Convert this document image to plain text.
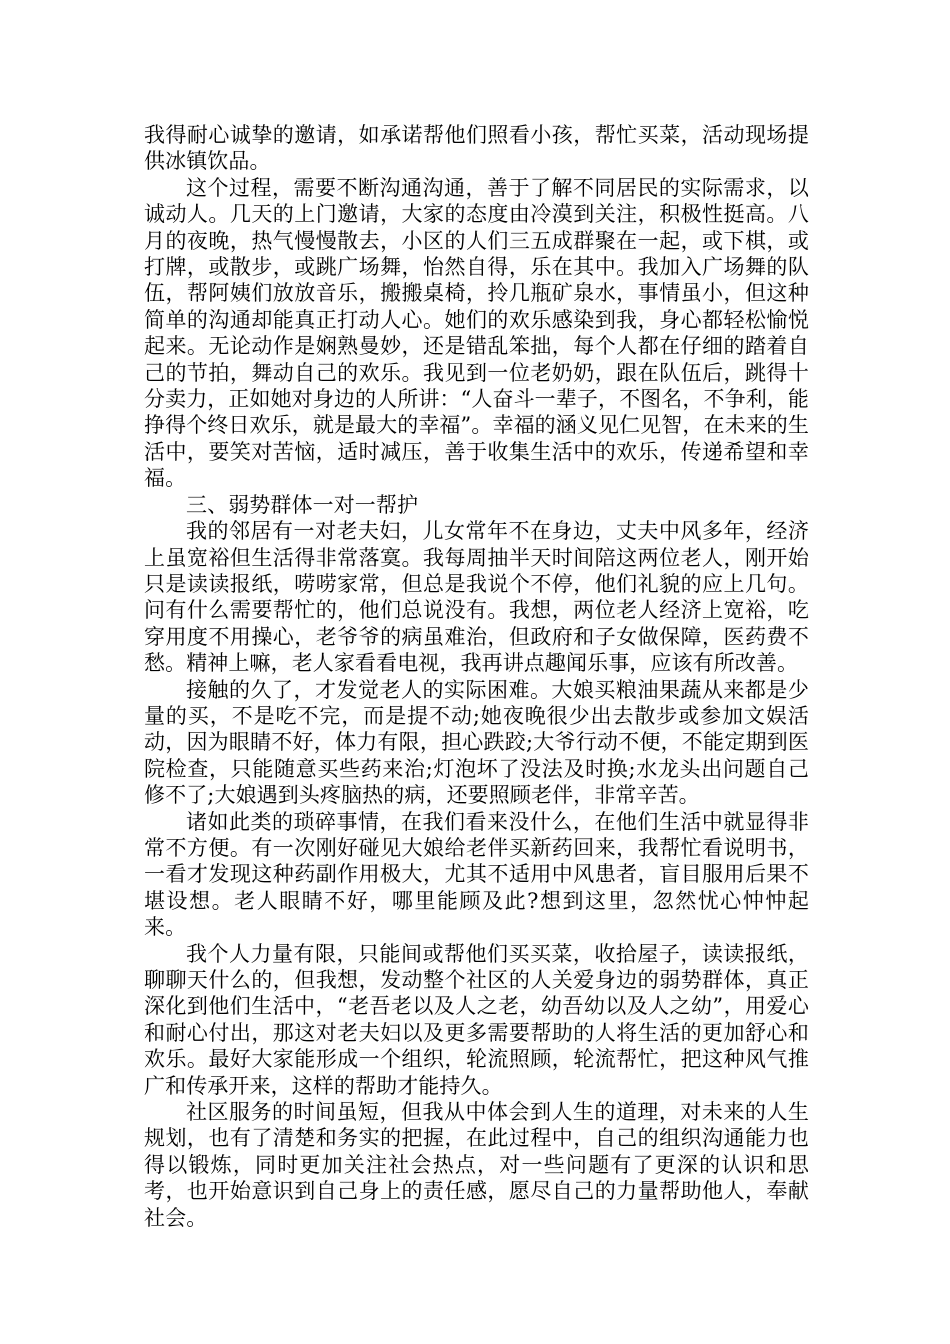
我得耐心诚挚的邀请，如承诺帮他们照看小孩，帮忙买菜，活动现场提供冰镇饮品。

这个过程，需要不断沟通沟通，善于了解不同居民的实际需求，以诚动人。几天的上门邀请，大家的态度由冷漠到关注，积极性挺高。八月的夜晚，热气慢慢散去，小区的人们三五成群聚在一起，或下棋，或打牌，或散步，或跳广场舞，怡然自得，乐在其中。我加入广场舞的队伍，帮阿姨们放放音乐，搬搬桌椅，拎几瓶矿泉水，事情虽小，但这种简单的沟通却能真正打动人心。她们的欢乐感染到我，身心都轻松愉悦起来。无论动作是娴熟曼妙，还是错乱笨拙，每个人都在仔细的踏着自己的节拍，舞动自己的欢乐。我见到一位老奶奶，跟在队伍后，跳得十分卖力，正如她对身边的人所讲：“人奋斗一辈子，不图名，不争利，能挣得个终日欢乐，就是最大的幸福”。幸福的涵义见仁见智，在未来的生活中，要笑对苦恼，适时减压，善于收集生活中的欢乐，传递希望和幸福。

三、弱势群体一对一帮护

我的邻居有一对老夫妇，儿女常年不在身边，丈夫中风多年，经济上虽宽裕但生活得非常落寞。我每周抽半天时间陪这两位老人，刚开始只是读读报纸，唠唠家常，但总是我说个不停，他们礼貌的应上几句。问有什么需要帮忙的，他们总说没有。我想，两位老人经济上宽裕，吃穿用度不用操心，老爷爷的病虽难治，但政府和子女做保障，医药费不愁。精神上嘛，老人家看看电视，我再讲点趣闻乐事，应该有所改善。

接触的久了，才发觉老人的实际困难。大娘买粮油果蔬从来都是少量的买，不是吃不完，而是提不动;她夜晚很少出去散步或参加文娱活动，因为眼睛不好，体力有限，担心跌跤;大爷行动不便，不能定期到医院检查，只能随意买些药来治;灯泡坏了没法及时换;水龙头出问题自己修不了;大娘遇到头疼脑热的病，还要照顾老伴，非常辛苦。

诸如此类的琐碎事情，在我们看来没什么，在他们生活中就显得非常不方便。有一次刚好碰见大娘给老伴买新药回来，我帮忙看说明书，一看才发现这种药副作用极大，尤其不适用中风患者，盲目服用后果不堪设想。老人眼睛不好，哪里能顾及此?想到这里，忽然忧心忡忡起来。

我个人力量有限，只能间或帮他们买买菜，收拾屋子，读读报纸，聊聊天什么的，但我想，发动整个社区的人关爱身边的弱势群体，真正深化到他们生活中，“老吾老以及人之老，幼吾幼以及人之幼”，用爱心和耐心付出，那这对老夫妇以及更多需要帮助的人将生活的更加舒心和欢乐。最好大家能形成一个组织，轮流照顾，轮流帮忙，把这种风气推广和传承开来，这样的帮助才能持久。

社区服务的时间虽短，但我从中体会到人生的道理，对未来的人生规划，也有了清楚和务实的把握，在此过程中，自己的组织沟通能力也得以锻炼，同时更加关注社会热点，对一些问题有了更深的认识和思考，也开始意识到自己身上的责任感，愿尽自己的力量帮助他人，奉献社会。
